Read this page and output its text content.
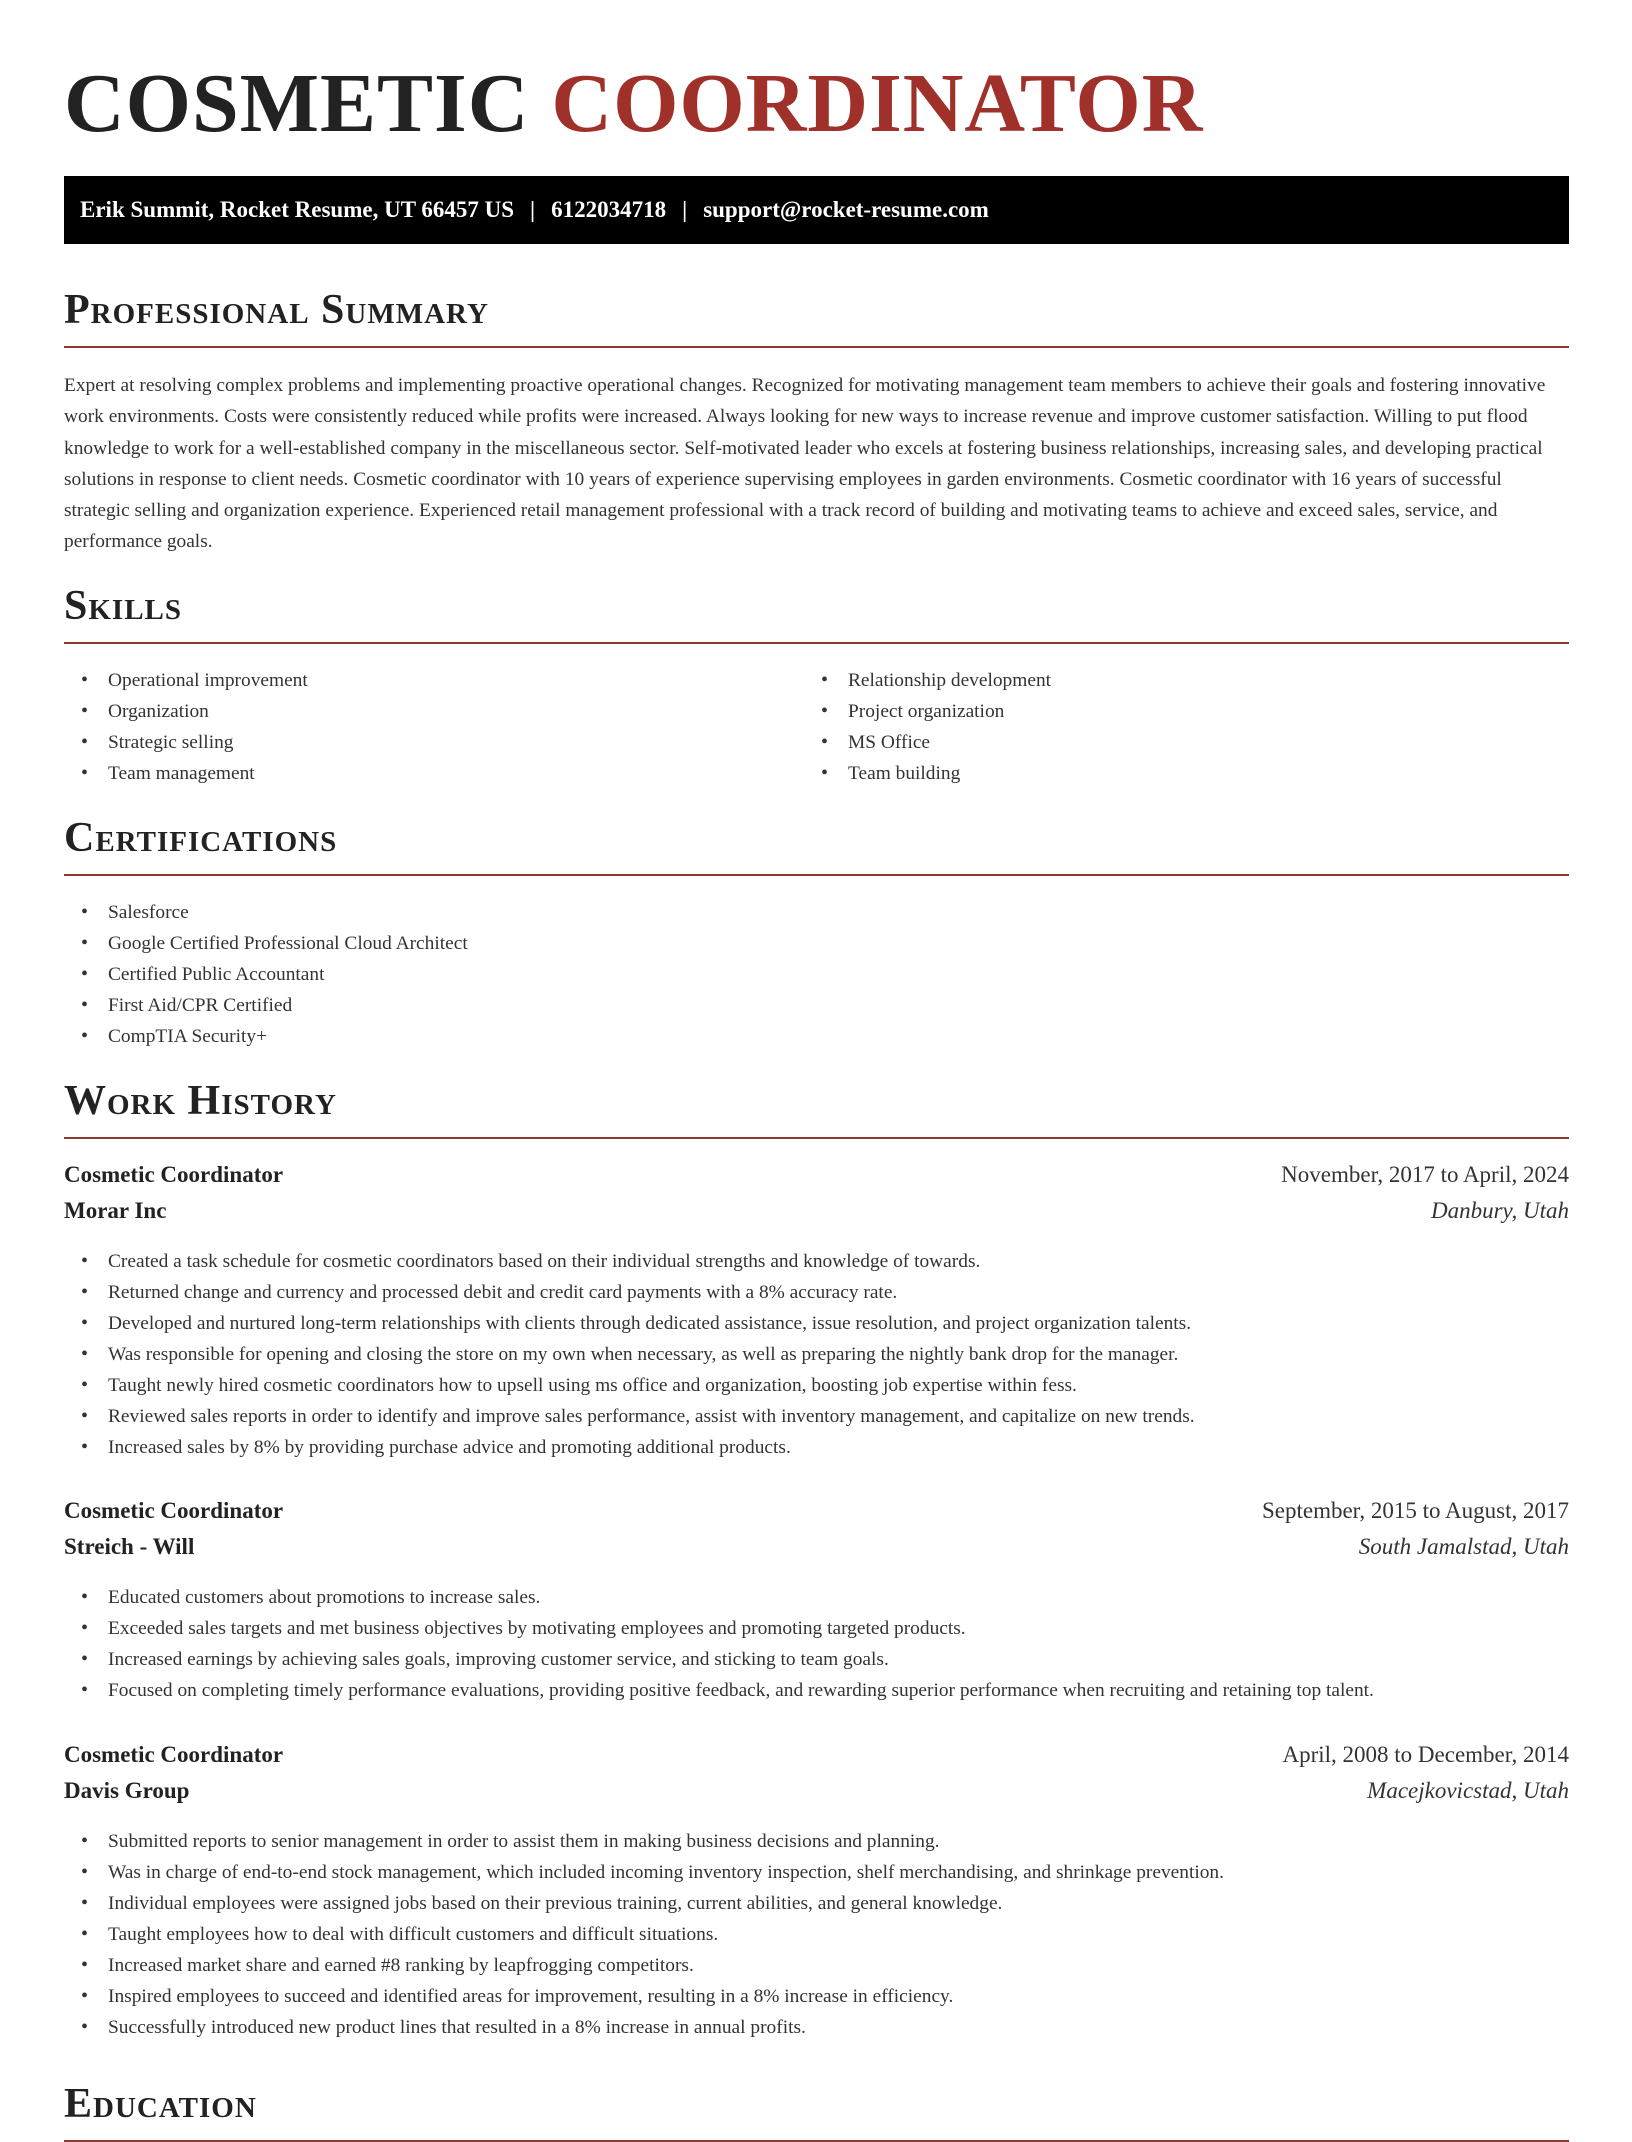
COSMETIC COORDINATOR
Erik Summit, Rocket Resume, UT 66457 US | 6122034718 | support@rocket-resume.com
Professional Summary

Expert at resolving complex problems and implementing proactive operational changes. Recognized for motivating management team members to achieve their goals and fostering innovative work environments. Costs were consistently reduced while profits were increased. Always looking for new ways to increase revenue and improve customer satisfaction. Willing to put flood knowledge to work for a well-established company in the miscellaneous sector. Self-motivated leader who excels at fostering business relationships, increasing sales, and developing practical solutions in response to client needs. Cosmetic coordinator with 10 years of experience supervising employees in garden environments. Cosmetic coordinator with 16 years of successful strategic selling and organization experience. Experienced retail management professional with a track record of building and motivating teams to achieve and exceed sales, service, and performance goals.

Skills
• Operational improvement
• Organization
• Strategic selling
• Team management
• Relationship development
• Project organization
• MS Office
• Team building
Certifications
• Salesforce
• Google Certified Professional Cloud Architect
• Certified Public Accountant
• First Aid/CPR Certified
• CompTIA Security+
Work History
Cosmetic Coordinator	November, 2017 to April, 2024
Morar Inc	Danbury, Utah
• Created a task schedule for cosmetic coordinators based on their individual strengths and knowledge of towards.
• Returned change and currency and processed debit and credit card payments with a 8% accuracy rate.
• Developed and nurtured long-term relationships with clients through dedicated assistance, issue resolution, and project organization talents.
• Was responsible for opening and closing the store on my own when necessary, as well as preparing the nightly bank drop for the manager.
• Taught newly hired cosmetic coordinators how to upsell using ms office and organization, boosting job expertise within fess.
• Reviewed sales reports in order to identify and improve sales performance, assist with inventory management, and capitalize on new trends.
• Increased sales by 8% by providing purchase advice and promoting additional products.
Cosmetic Coordinator	September, 2015 to August, 2017
Streich - Will	South Jamalstad, Utah
• Educated customers about promotions to increase sales.
• Exceeded sales targets and met business objectives by motivating employees and promoting targeted products.
• Increased earnings by achieving sales goals, improving customer service, and sticking to team goals.
• Focused on completing timely performance evaluations, providing positive feedback, and rewarding superior performance when recruiting and retaining top talent.
Cosmetic Coordinator	April, 2008 to December, 2014
Davis Group	Macejkovicstad, Utah
• Submitted reports to senior management in order to assist them in making business decisions and planning.
• Was in charge of end-to-end stock management, which included incoming inventory inspection, shelf merchandising, and shrinkage prevention.
• Individual employees were assigned jobs based on their previous training, current abilities, and general knowledge.
• Taught employees how to deal with difficult customers and difficult situations.
• Increased market share and earned #8 ranking by leapfrogging competitors.
• Inspired employees to succeed and identified areas for improvement, resulting in a 8% increase in efficiency.
• Successfully introduced new product lines that resulted in a 8% increase in annual profits.
Education
